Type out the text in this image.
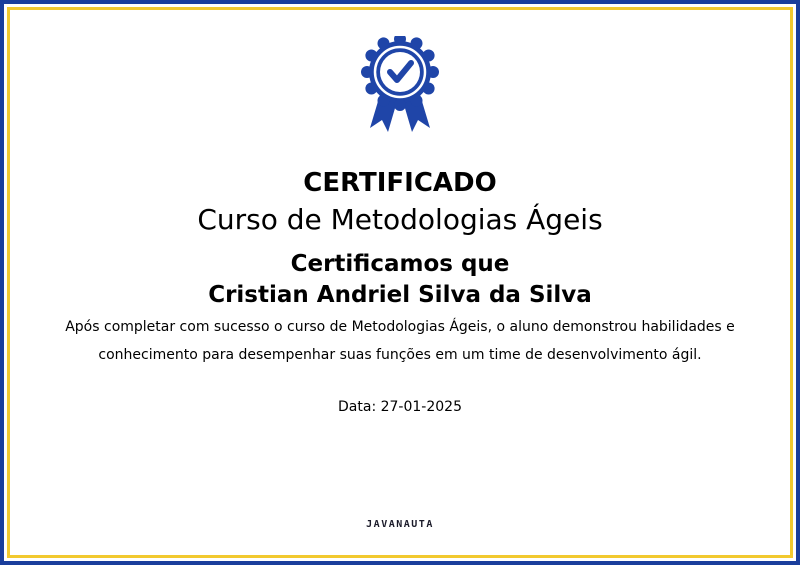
CERTIFICADO
Curso de Metodologias Ágeis
Certificamos que
Cristian Andriel Silva da Silva
Após completar com sucesso o curso de Metodologias Ágeis, o aluno demonstrou habilidades e
conhecimento para desempenhar suas funções em um time de desenvolvimento ágil.
Data: 27-01-2025
JAVANAUTA
